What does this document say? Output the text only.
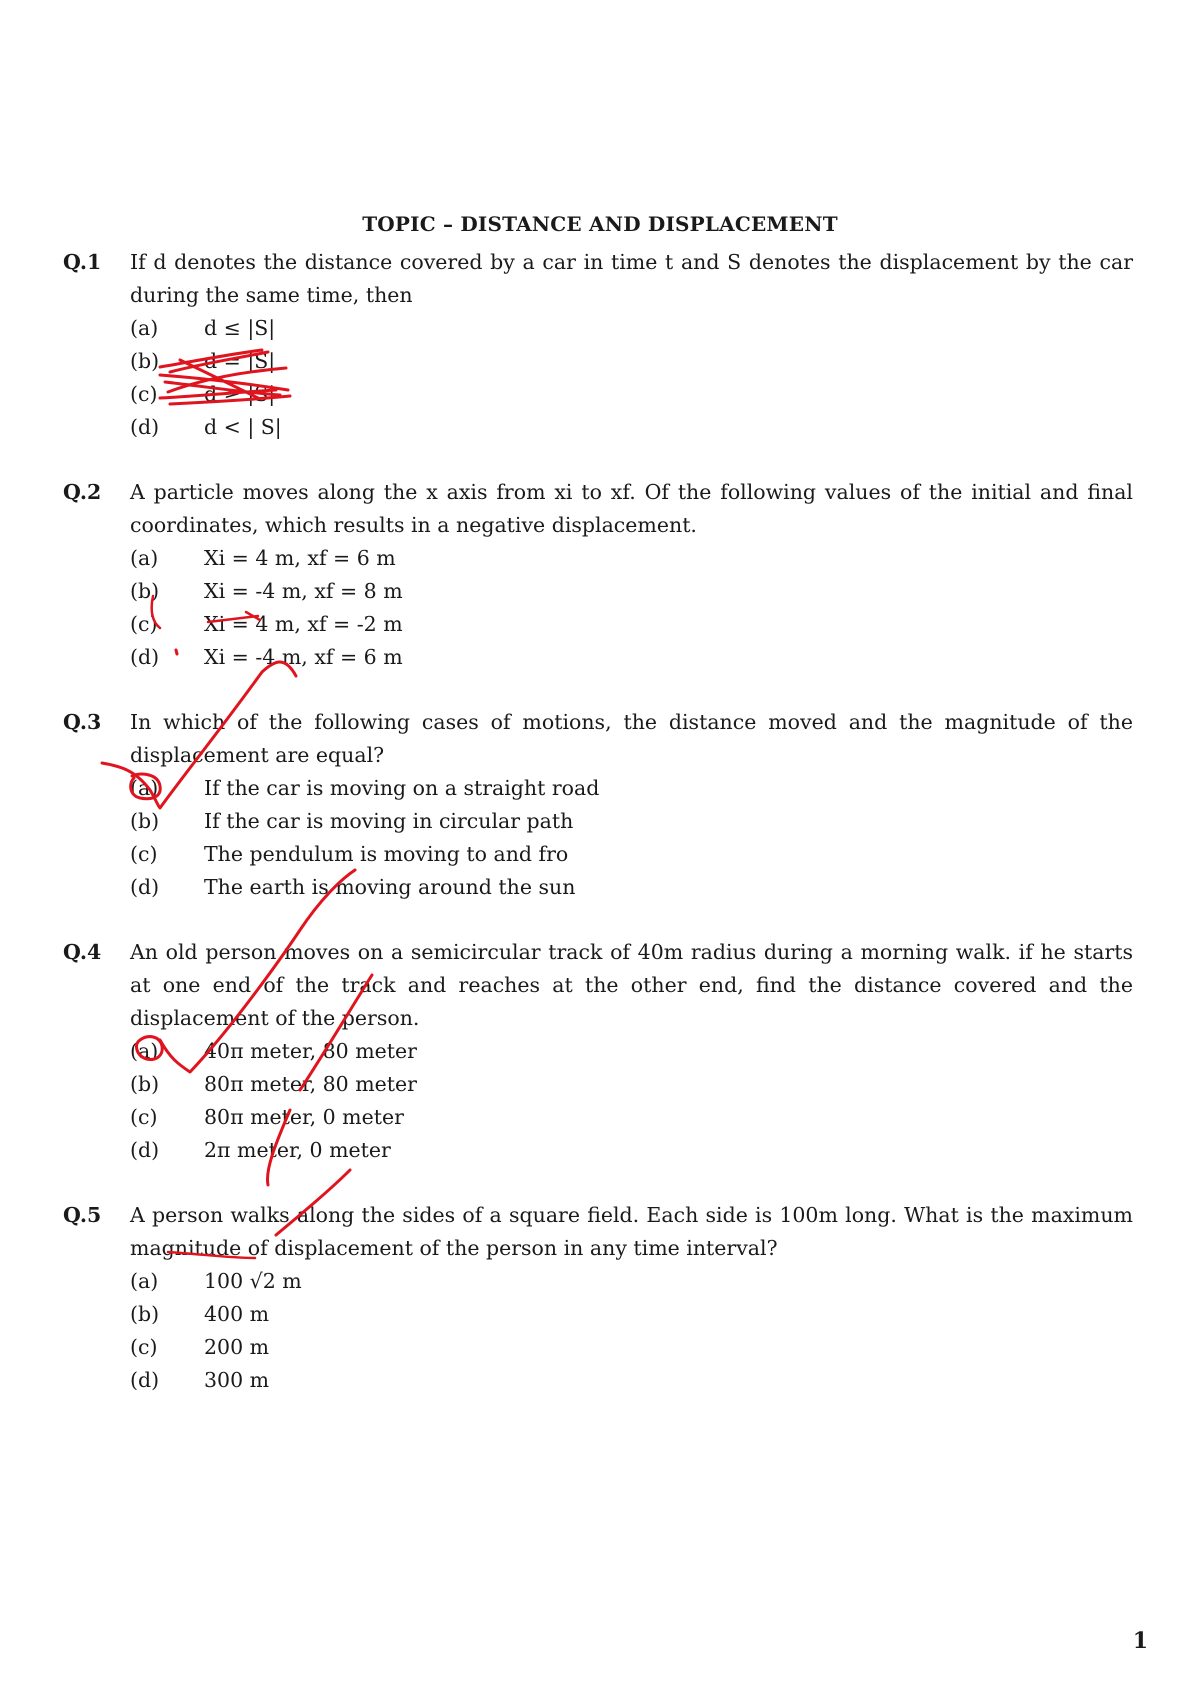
TOPIC – DISTANCE AND DISPLACEMENT
Q.1 If d denotes the distance covered by a car in time t and S denotes the displacement by the car during the same time, then
(a) d ≤ |S|
(b) d = |S|
(c) d ≥ |S|
(d) d < | S|
Q.2 A particle moves along the x axis from xi to xf. Of the following values of the initial and final coordinates, which results in a negative displacement.
(a) Xi = 4 m, xf = 6 m
(b) Xi = -4 m, xf = 8 m
(c) Xi = 4 m, xf = -2 m
(d) Xi = -4 m, xf = 6 m
Q.3 In which of the following cases of motions, the distance moved and the magnitude of the displacement are equal?
(a) If the car is moving on a straight road
(b) If the car is moving in circular path
(c) The pendulum is moving to and fro
(d) The earth is moving around the sun
Q.4 An old person moves on a semicircular track of 40m radius during a morning walk. if he starts at one end of the track and reaches at the other end, find the distance covered and the displacement of the person.
(a) 40π meter, 80 meter
(b) 80π meter, 80 meter
(c) 80π meter, 0 meter
(d) 2π meter, 0 meter
Q.5 A person walks along the sides of a square field. Each side is 100m long. What is the maximum magnitude of displacement of the person in any time interval?
(a) 100 √2 m
(b) 400 m
(c) 200 m
(d) 300 m
1
